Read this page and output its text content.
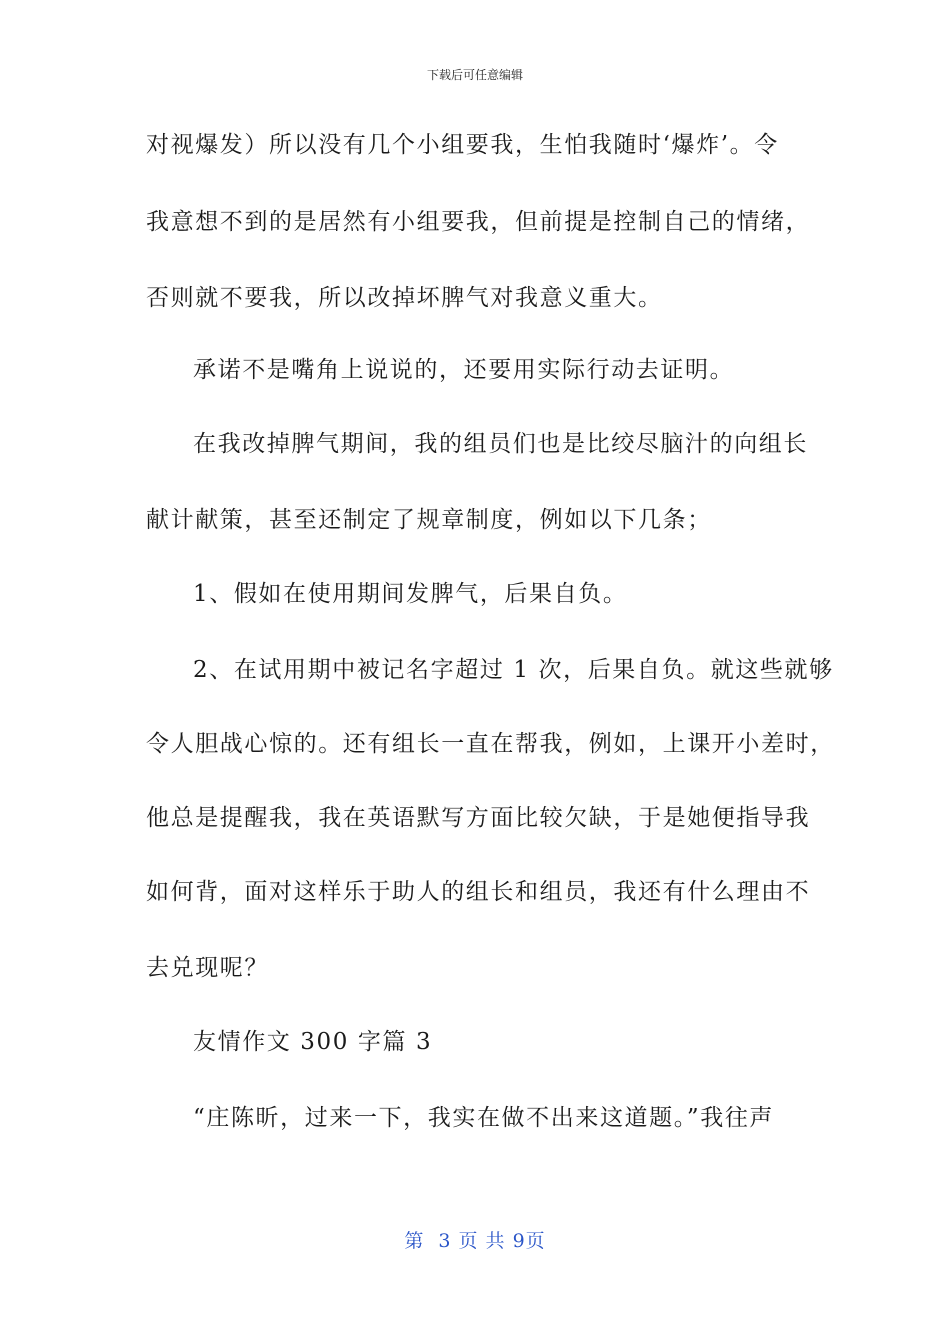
下载后可任意编辑
对视爆发）所以没有几个小组要我，生怕我随时‘爆炸’。令
我意想不到的是居然有小组要我，但前提是控制自己的情绪，
否则就不要我，所以改掉坏脾气对我意义重大。
承诺不是嘴角上说说的，还要用实际行动去证明。
在我改掉脾气期间，我的组员们也是比绞尽脑汁的向组长
献计献策，甚至还制定了规章制度，例如以下几条；
1、假如在使用期间发脾气，后果自负。
2、在试用期中被记名字超过 1 次，后果自负。就这些就够
令人胆战心惊的。还有组长一直在帮我，例如，上课开小差时，
他总是提醒我，我在英语默写方面比较欠缺，于是她便指导我
如何背，面对这样乐于助人的组长和组员，我还有什么理由不
去兑现呢？
友情作文 300 字篇 3
“庄陈昕，过来一下，我实在做不出来这道题。”我往声
第  3 页 共 9页
